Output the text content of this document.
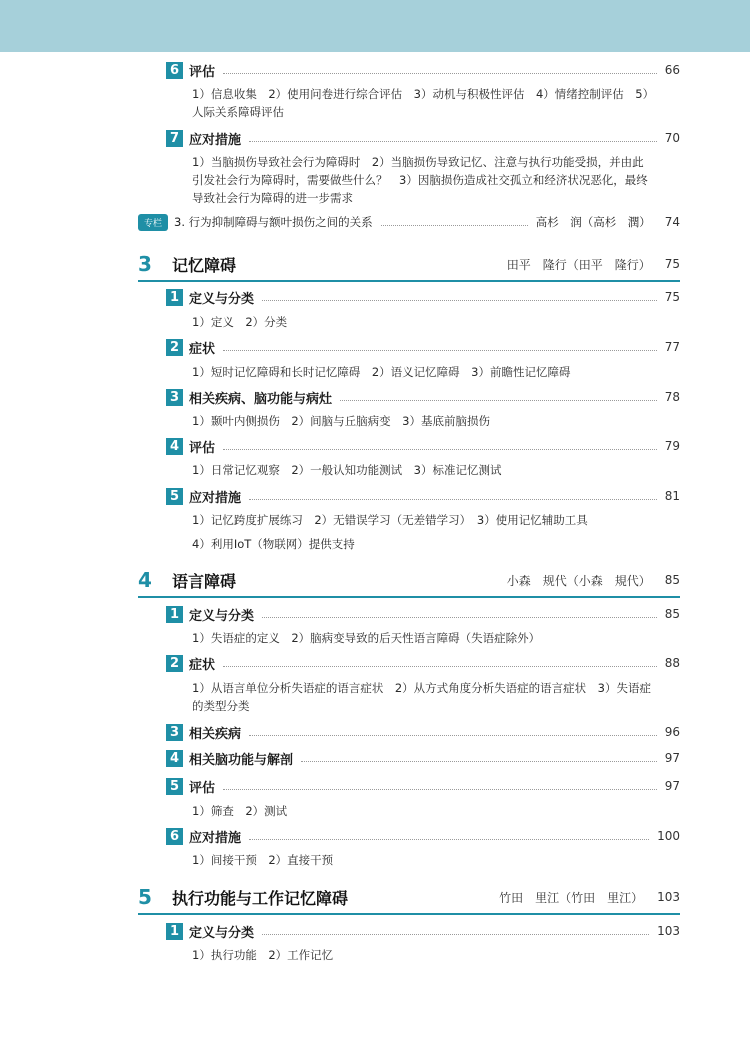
6 评估	66
1）信息收集　2）使用问卷进行综合评估　3）动机与积极性评估　4）情绪控制评估　5）人际关系障碍评估
7 应对措施	70
1）当脑损伤导致社会行为障碍时　2）当脑损伤导致记忆、注意与执行功能受损，并由此引发社会行为障碍时，需要做些什么？　3）因脑损伤造成社交孤立和经济状况恶化，最终导致社会行为障碍的进一步需求
专栏	3. 行为抑制障碍与额叶损伤之间的关系	高杉　润（高杉　潤） 74
3	记忆障碍	田平　隆行（田平　隆行） 75
1 定义与分类	75
1）定义　2）分类
2 症状	77
1）短时记忆障碍和长时记忆障碍　2）语义记忆障碍　3）前瞻性记忆障碍
3 相关疾病、脑功能与病灶	78
1）颞叶内侧损伤　2）间脑与丘脑病变　3）基底前脑损伤
4 评估	79
1）日常记忆观察　2）一般认知功能测试　3）标准记忆测试
5 应对措施	81
1）记忆跨度扩展练习　2）无错误学习（无差错学习）　3）使用记忆辅助工具
4）利用IoT（物联网）提供支持
4	语言障碍	小森　规代（小森　規代） 85
1 定义与分类	85
1）失语症的定义　2）脑病变导致的后天性语言障碍（失语症除外）
2 症状	88
1）从语言单位分析失语症的语言症状　2）从方式角度分析失语症的语言症状　3）失语症的类型分类
3 相关疾病	96
4 相关脑功能与解剖	97
5 评估	97
1）筛查　2）测试
6 应对措施	100
1）间接干预　2）直接干预
5	执行功能与工作记忆障碍	竹田　里江（竹田　里江） 103
1 定义与分类	103
1）执行功能　2）工作记忆
